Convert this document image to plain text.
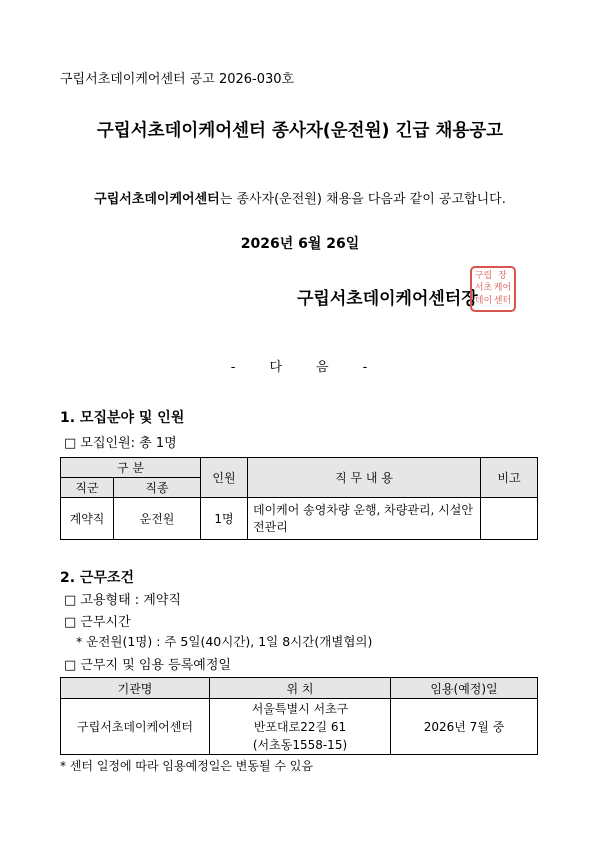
구립서초데이케어센터 공고 2026-030호
구립서초데이케어센터 종사자(운전원) 긴급 채용공고
구립서초데이케어센터는 종사자(운전원) 채용을 다음과 같이 공고합니다.
2026년 6월 26일
구립서초데이케어센터장
구립 장
서초 케어
데이 센터
- 다 음 -
1. 모집분야 및 인원
□ 모집인원: 총 1명
구 분		인원	직 무 내 용	비고
직군	직종			
계약직	운전원	1명	데이케어 송영차량 운행, 차량관리, 시설안전관리	
2. 근무조건
□ 고용형태 : 계약직
□ 근무시간
* 운전원(1명) : 주 5일(40시간), 1일 8시간(개별협의)
□ 근무지 및 임용 등록예정일
기관명	위 치	임용(예정)일
구립서초데이케어센터	서울특별시 서초구
반포대로22길 61
(서초동1558-15)	2026년 7월 중
* 센터 일정에 따라 임용예정일은 변동될 수 있음
